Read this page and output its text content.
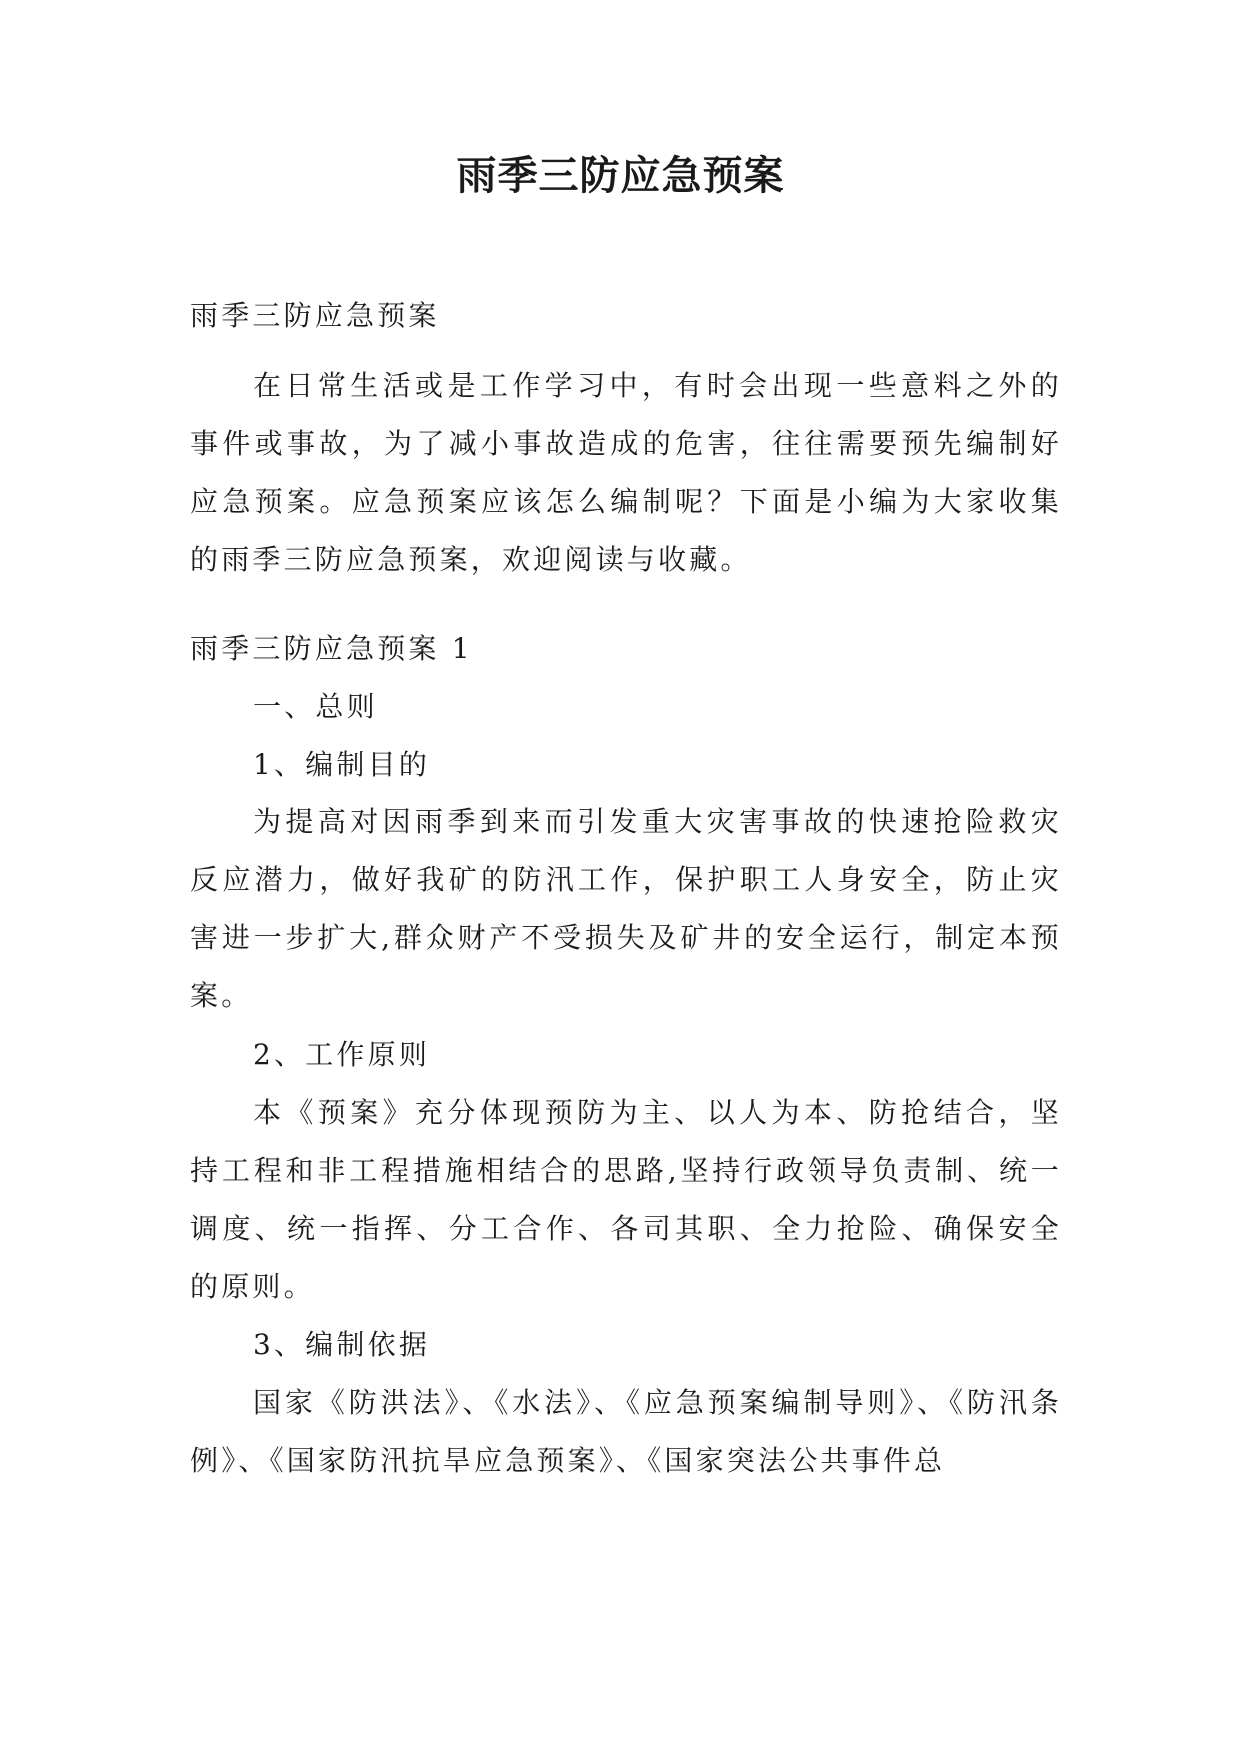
雨季三防应急预案

雨季三防应急预案

在日常生活或是工作学习中，有时会出现一些意料之外的事件或事故，为了减小事故造成的危害，往往需要预先编制好应急预案。应急预案应该怎么编制呢？下面是小编为大家收集的雨季三防应急预案，欢迎阅读与收藏。

雨季三防应急预案 1

一、总则

1、编制目的

为提高对因雨季到来而引发重大灾害事故的快速抢险救灾反应潜力，做好我矿的防汛工作，保护职工人身安全，防止灾害进一步扩大,群众财产不受损失及矿井的安全运行，制定本预案。

2、工作原则

本《预案》充分体现预防为主、以人为本、防抢结合，坚持工程和非工程措施相结合的思路,坚持行政领导负责制、统一调度、统一指挥、分工合作、各司其职、全力抢险、确保安全的原则。

3、编制依据

国家《防洪法》、《水法》、《应急预案编制导则》、《防汛条例》、《国家防汛抗旱应急预案》、《国家突法公共事件总
